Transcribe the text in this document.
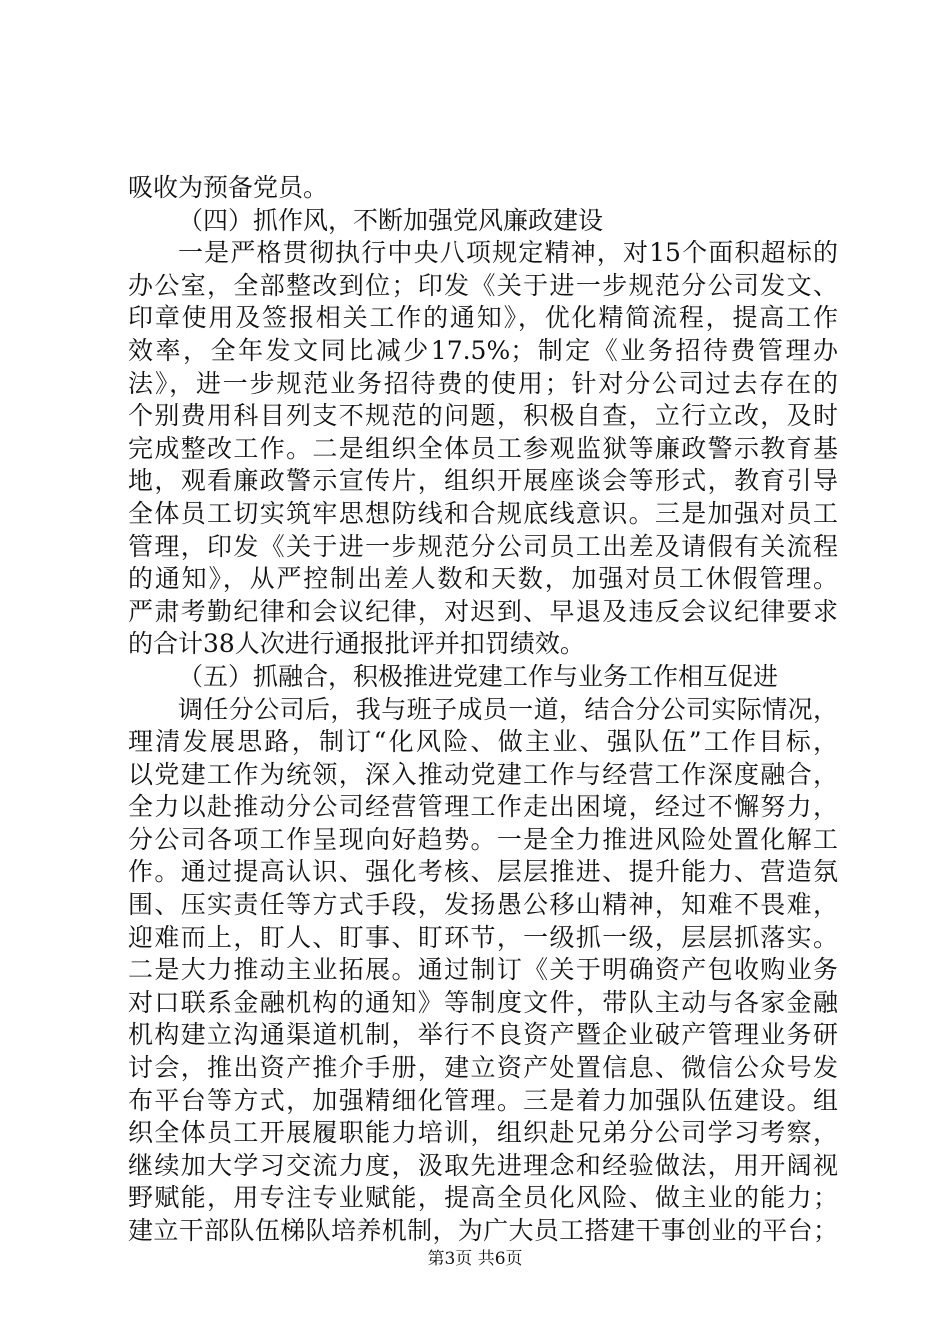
吸收为预备党员。
（四）抓作风，不断加强党风廉政建设
一是严格贯彻执行中央八项规定精神，对15个面积超标的
办公室，全部整改到位；印发《关于进一步规范分公司发文、
印章使用及签报相关工作的通知》，优化精简流程，提高工作
效率，全年发文同比减少17.5%；制定《业务招待费管理办
法》，进一步规范业务招待费的使用；针对分公司过去存在的
个别费用科目列支不规范的问题，积极自查，立行立改，及时
完成整改工作。二是组织全体员工参观监狱等廉政警示教育基
地，观看廉政警示宣传片，组织开展座谈会等形式，教育引导
全体员工切实筑牢思想防线和合规底线意识。三是加强对员工
管理，印发《关于进一步规范分公司员工出差及请假有关流程
的通知》，从严控制出差人数和天数，加强对员工休假管理。
严肃考勤纪律和会议纪律，对迟到、早退及违反会议纪律要求
的合计38人次进行通报批评并扣罚绩效。
（五）抓融合，积极推进党建工作与业务工作相互促进
调任分公司后，我与班子成员一道，结合分公司实际情况，
理清发展思路，制订“化风险、做主业、强队伍”工作目标，
以党建工作为统领，深入推动党建工作与经营工作深度融合，
全力以赴推动分公司经营管理工作走出困境，经过不懈努力，
分公司各项工作呈现向好趋势。一是全力推进风险处置化解工
作。通过提高认识、强化考核、层层推进、提升能力、营造氛
围、压实责任等方式手段，发扬愚公移山精神，知难不畏难，
迎难而上，盯人、盯事、盯环节，一级抓一级，层层抓落实。
二是大力推动主业拓展。通过制订《关于明确资产包收购业务
对口联系金融机构的通知》等制度文件，带队主动与各家金融
机构建立沟通渠道机制，举行不良资产暨企业破产管理业务研
讨会，推出资产推介手册，建立资产处置信息、微信公众号发
布平台等方式，加强精细化管理。三是着力加强队伍建设。组
织全体员工开展履职能力培训，组织赴兄弟分公司学习考察，
继续加大学习交流力度，汲取先进理念和经验做法，用开阔视
野赋能，用专注专业赋能，提高全员化风险、做主业的能力；
建立干部队伍梯队培养机制，为广大员工搭建干事创业的平台；
第3页 共6页
